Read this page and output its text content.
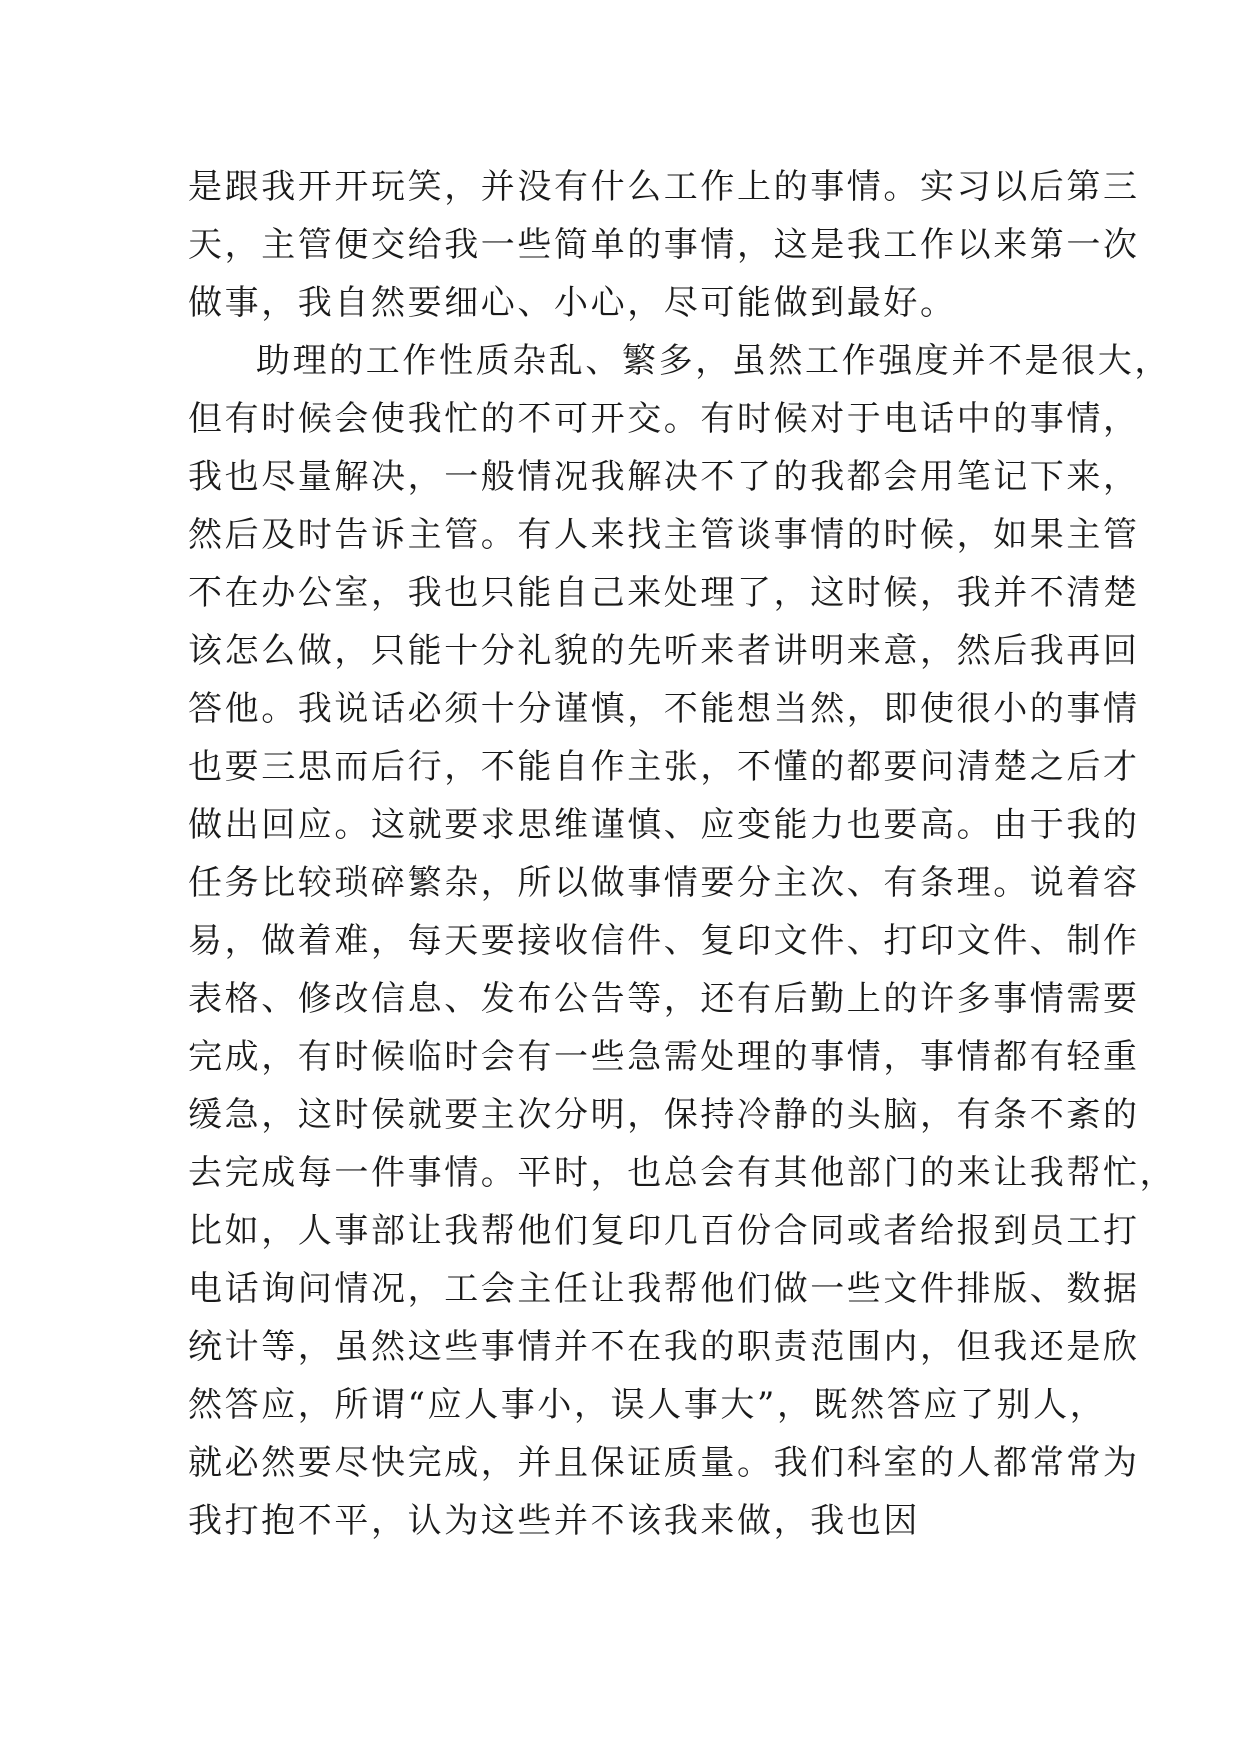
是跟我开开玩笑，并没有什么工作上的事情。实习以后第三
天，主管便交给我一些简单的事情，这是我工作以来第一次
做事，我自然要细心、小心，尽可能做到最好。
助理的工作性质杂乱、繁多，虽然工作强度并不是很大，
但有时候会使我忙的不可开交。有时候对于电话中的事情，
我也尽量解决，一般情况我解决不了的我都会用笔记下来，
然后及时告诉主管。有人来找主管谈事情的时候，如果主管
不在办公室，我也只能自己来处理了，这时候，我并不清楚
该怎么做，只能十分礼貌的先听来者讲明来意，然后我再回
答他。我说话必须十分谨慎，不能想当然，即使很小的事情
也要三思而后行，不能自作主张，不懂的都要问清楚之后才
做出回应。这就要求思维谨慎、应变能力也要高。由于我的
任务比较琐碎繁杂，所以做事情要分主次、有条理。说着容
易，做着难，每天要接收信件、复印文件、打印文件、制作
表格、修改信息、发布公告等，还有后勤上的许多事情需要
完成，有时候临时会有一些急需处理的事情，事情都有轻重
缓急，这时侯就要主次分明，保持冷静的头脑，有条不紊的
去完成每一件事情。平时，也总会有其他部门的来让我帮忙，
比如，人事部让我帮他们复印几百份合同或者给报到员工打
电话询问情况，工会主任让我帮他们做一些文件排版、数据
统计等，虽然这些事情并不在我的职责范围内，但我还是欣
然答应，所谓“应人事小，误人事大”，既然答应了别人，
就必然要尽快完成，并且保证质量。我们科室的人都常常为
我打抱不平，认为这些并不该我来做，我也因
